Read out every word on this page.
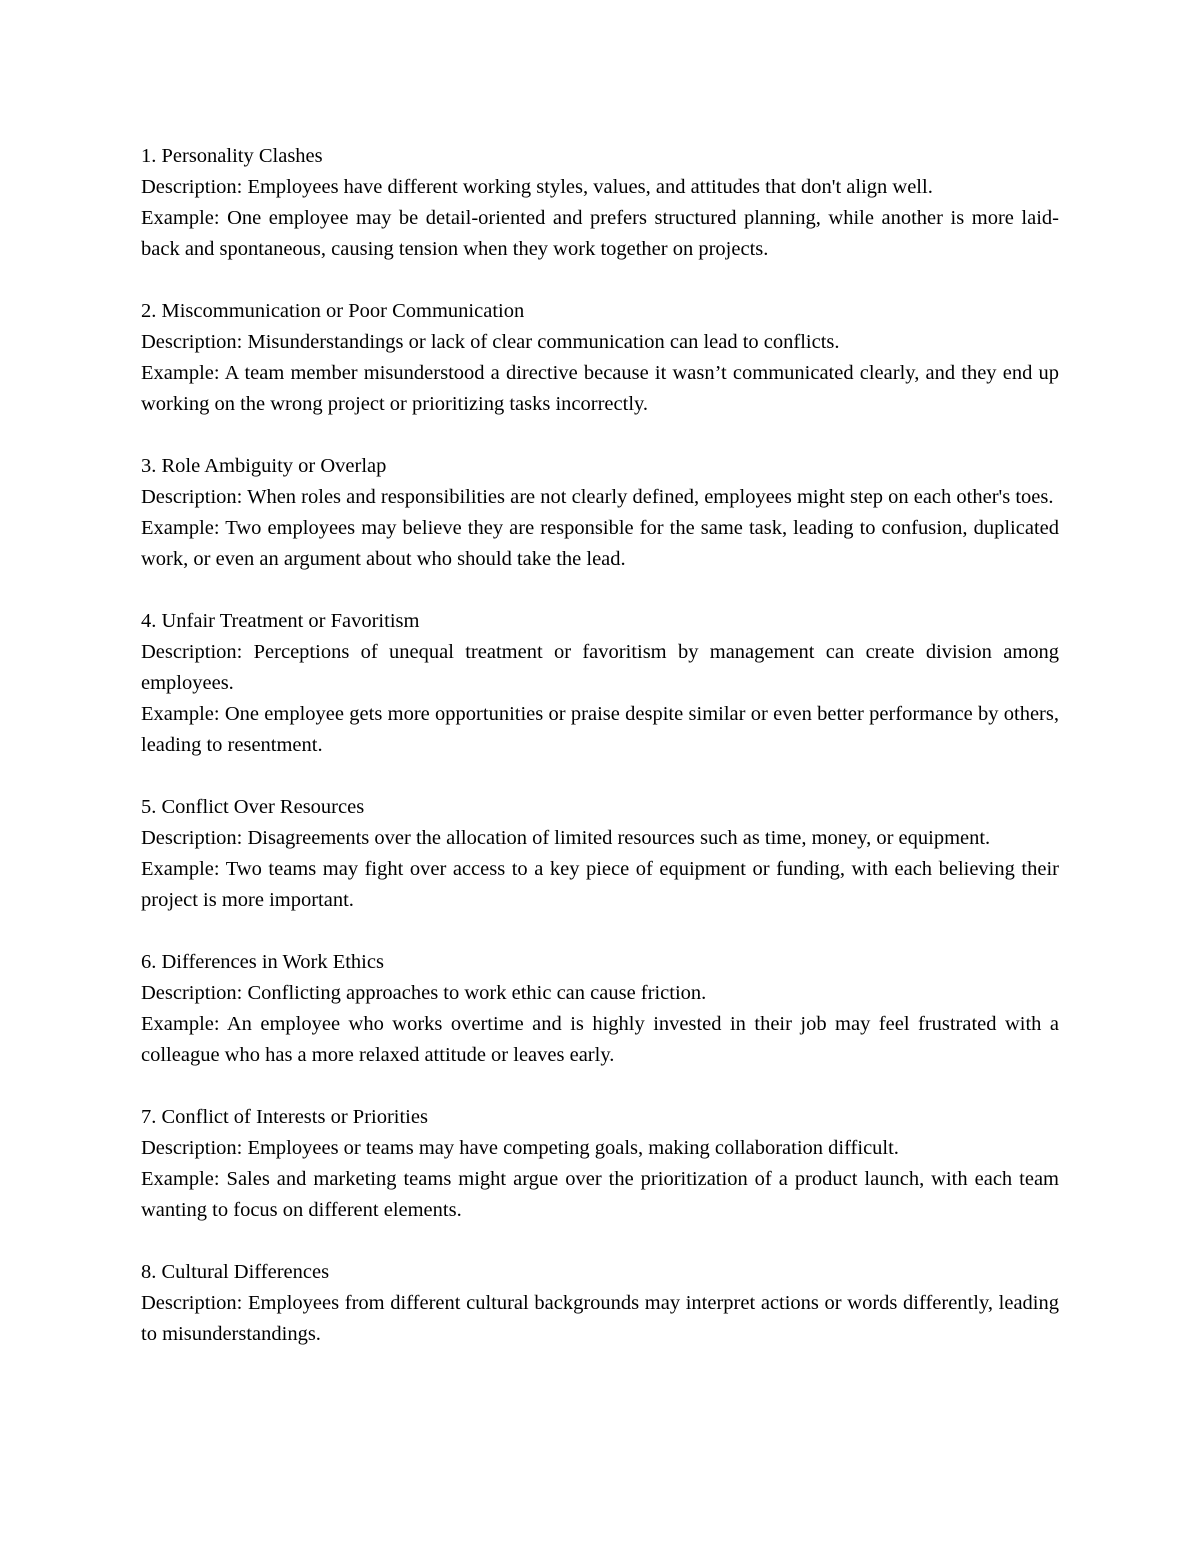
1. Personality Clashes

Description: Employees have different working styles, values, and attitudes that don't align well.

Example: One employee may be detail-oriented and prefers structured planning, while another is more laid-back and spontaneous, causing tension when they work together on projects.

2. Miscommunication or Poor Communication

Description: Misunderstandings or lack of clear communication can lead to conflicts.

Example: A team member misunderstood a directive because it wasn’t communicated clearly, and they end up working on the wrong project or prioritizing tasks incorrectly.

3. Role Ambiguity or Overlap

Description: When roles and responsibilities are not clearly defined, employees might step on each other's toes.

Example: Two employees may believe they are responsible for the same task, leading to confusion, duplicated work, or even an argument about who should take the lead.

4. Unfair Treatment or Favoritism

Description: Perceptions of unequal treatment or favoritism by management can create division among employees.

Example: One employee gets more opportunities or praise despite similar or even better performance by others, leading to resentment.

5. Conflict Over Resources

Description: Disagreements over the allocation of limited resources such as time, money, or equipment.

Example: Two teams may fight over access to a key piece of equipment or funding, with each believing their project is more important.

6. Differences in Work Ethics

Description: Conflicting approaches to work ethic can cause friction.

Example: An employee who works overtime and is highly invested in their job may feel frustrated with a colleague who has a more relaxed attitude or leaves early.

7. Conflict of Interests or Priorities

Description: Employees or teams may have competing goals, making collaboration difficult.

Example: Sales and marketing teams might argue over the prioritization of a product launch, with each team wanting to focus on different elements.

8. Cultural Differences

Description: Employees from different cultural backgrounds may interpret actions or words differently, leading to misunderstandings.
